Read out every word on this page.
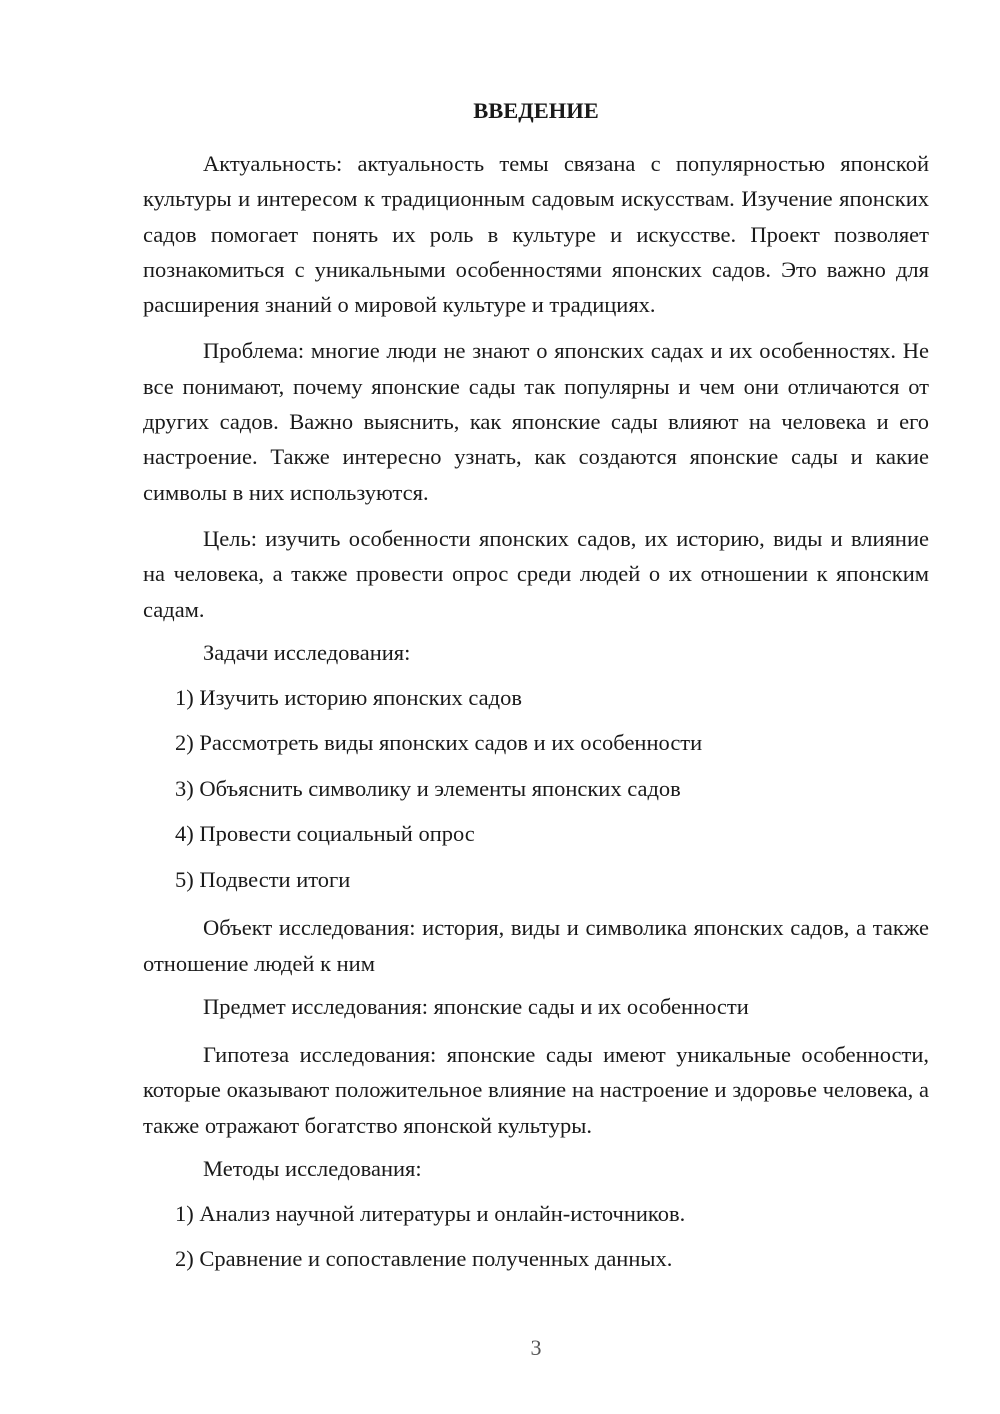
ВВЕДЕНИЕ
Актуальность: актуальность темы связана с популярностью японской культуры и интересом к традиционным садовым искусствам. Изучение японских садов помогает понять их роль в культуре и искусстве. Проект позволяет познакомиться с уникальными особенностями японских садов. Это важно для расширения знаний о мировой культуре и традициях.
Проблема: многие люди не знают о японских садах и их особенностях. Не все понимают, почему японские сады так популярны и чем они отличаются от других садов. Важно выяснить, как японские сады влияют на человека и его настроение. Также интересно узнать, как создаются японские сады и какие символы в них используются.
Цель: изучить особенности японских садов, их историю, виды и влияние на человека, а также провести опрос среди людей о их отношении к японским садам.
Задачи исследования:
1) Изучить историю японских садов
2) Рассмотреть виды японских садов и их особенности
3) Объяснить символику и элементы японских садов
4) Провести социальный опрос
5) Подвести итоги
Объект исследования: история, виды и символика японских садов, а также отношение людей к ним
Предмет исследования: японские сады и их особенности
Гипотеза исследования: японские сады имеют уникальные особенности, которые оказывают положительное влияние на настроение и здоровье человека, а также отражают богатство японской культуры.
Методы исследования:
1) Анализ научной литературы и онлайн-источников.
2) Сравнение и сопоставление полученных данных.
3
